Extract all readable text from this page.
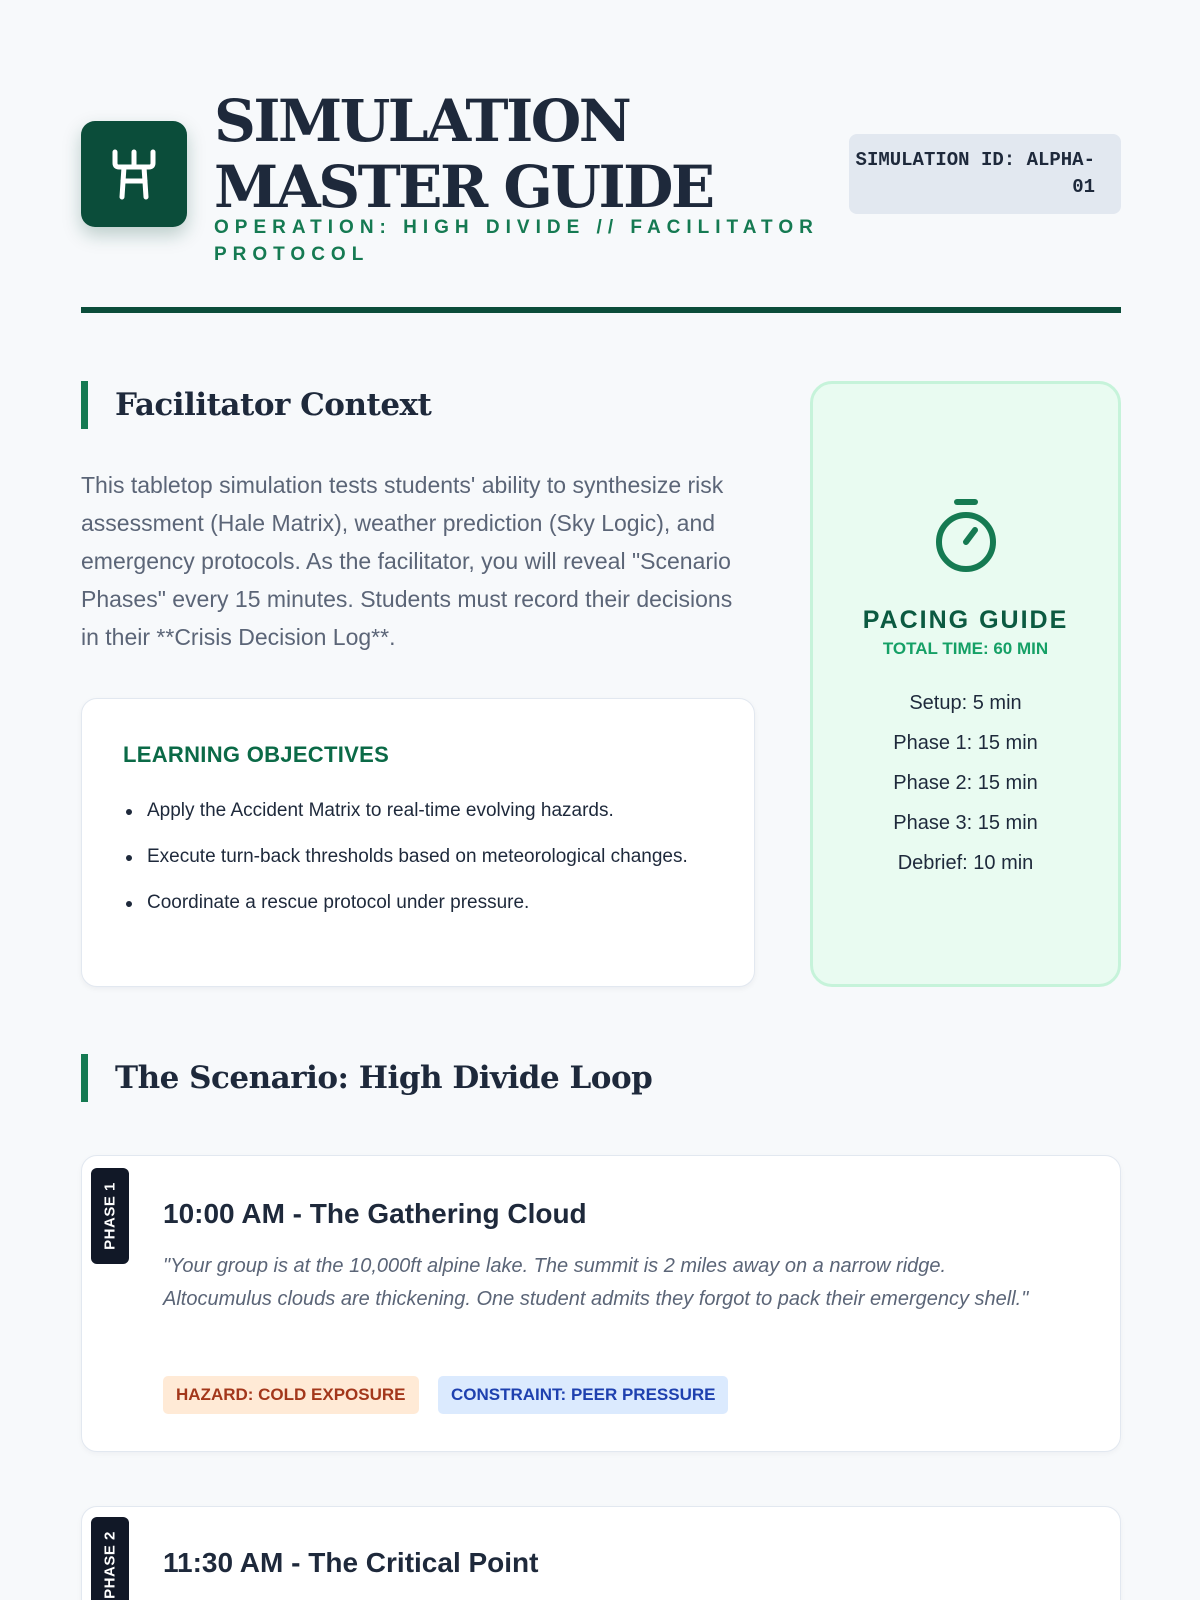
SIMULATION MASTER GUIDE
OPERATION: HIGH DIVIDE // FACILITATOR PROTOCOL
SIMULATION ID: ALPHA-01
Facilitator Context

This tabletop simulation tests students' ability to synthesize risk assessment (Hale Matrix), weather prediction (Sky Logic), and emergency protocols. As the facilitator, you will reveal "Scenario Phases" every 15 minutes. Students must record their decisions in their **Crisis Decision Log**.

LEARNING OBJECTIVES
Apply the Accident Matrix to real-time evolving hazards.
Execute turn-back thresholds based on meteorological changes.
Coordinate a rescue protocol under pressure.
PACING GUIDE
TOTAL TIME: 60 MIN
Setup: 5 min
Phase 1: 15 min
Phase 2: 15 min
Phase 3: 15 min
Debrief: 10 min
The Scenario: High Divide Loop
PHASE 1 10:00 AM - The Gathering Cloud

"Your group is at the 10,000ft alpine lake. The summit is 2 miles away on a narrow ridge. Altocumulus clouds are thickening. One student admits they forgot to pack their emergency shell."

HAZARD: COLD EXPOSURE	CONSTRAINT: PEER PRESSURE
PHASE 2 11:30 AM - The Critical Point
